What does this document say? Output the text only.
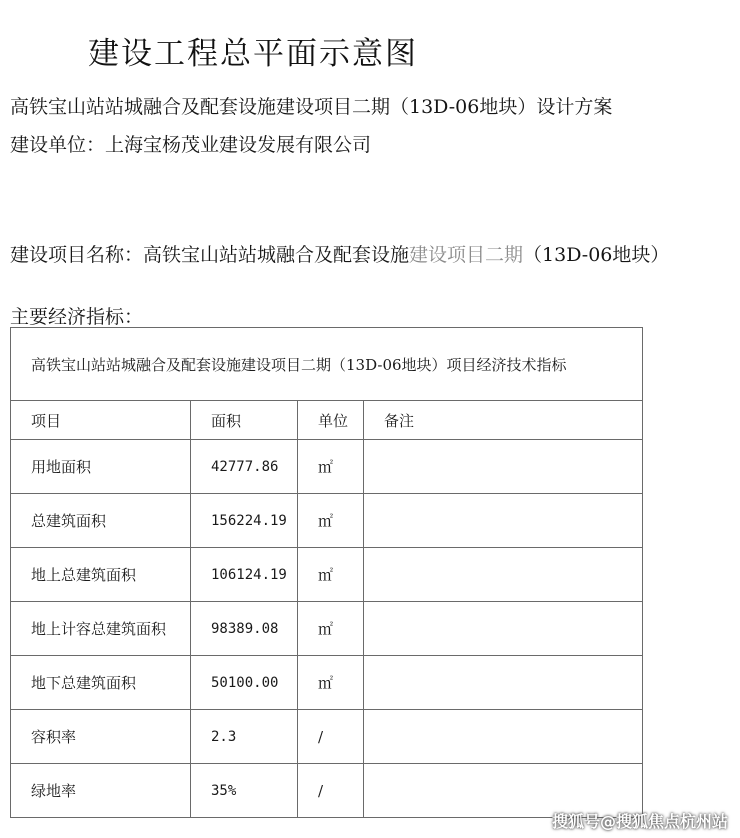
建设工程总平面示意图
高铁宝山站站城融合及配套设施建设项目二期（13D-06地块）设计方案
建设单位：上海宝杨茂业建设发展有限公司
建设项目名称：高铁宝山站站城融合及配套设施建设项目二期（13D-06地块）
主要经济指标：
高铁宝山站站城融合及配套设施建设项目二期（13D-06地块）项目经济技术指标			
项目	面积	单位	备注
用地面积	42777.86	㎡	
总建筑面积	156224.19	㎡	
地上总建筑面积	106124.19	㎡	
地上计容总建筑面积	98389.08	㎡	
地下总建筑面积	50100.00	㎡	
容积率	2.3	/	
绿地率	35%	/	
搜狐号@搜狐焦点杭州站
